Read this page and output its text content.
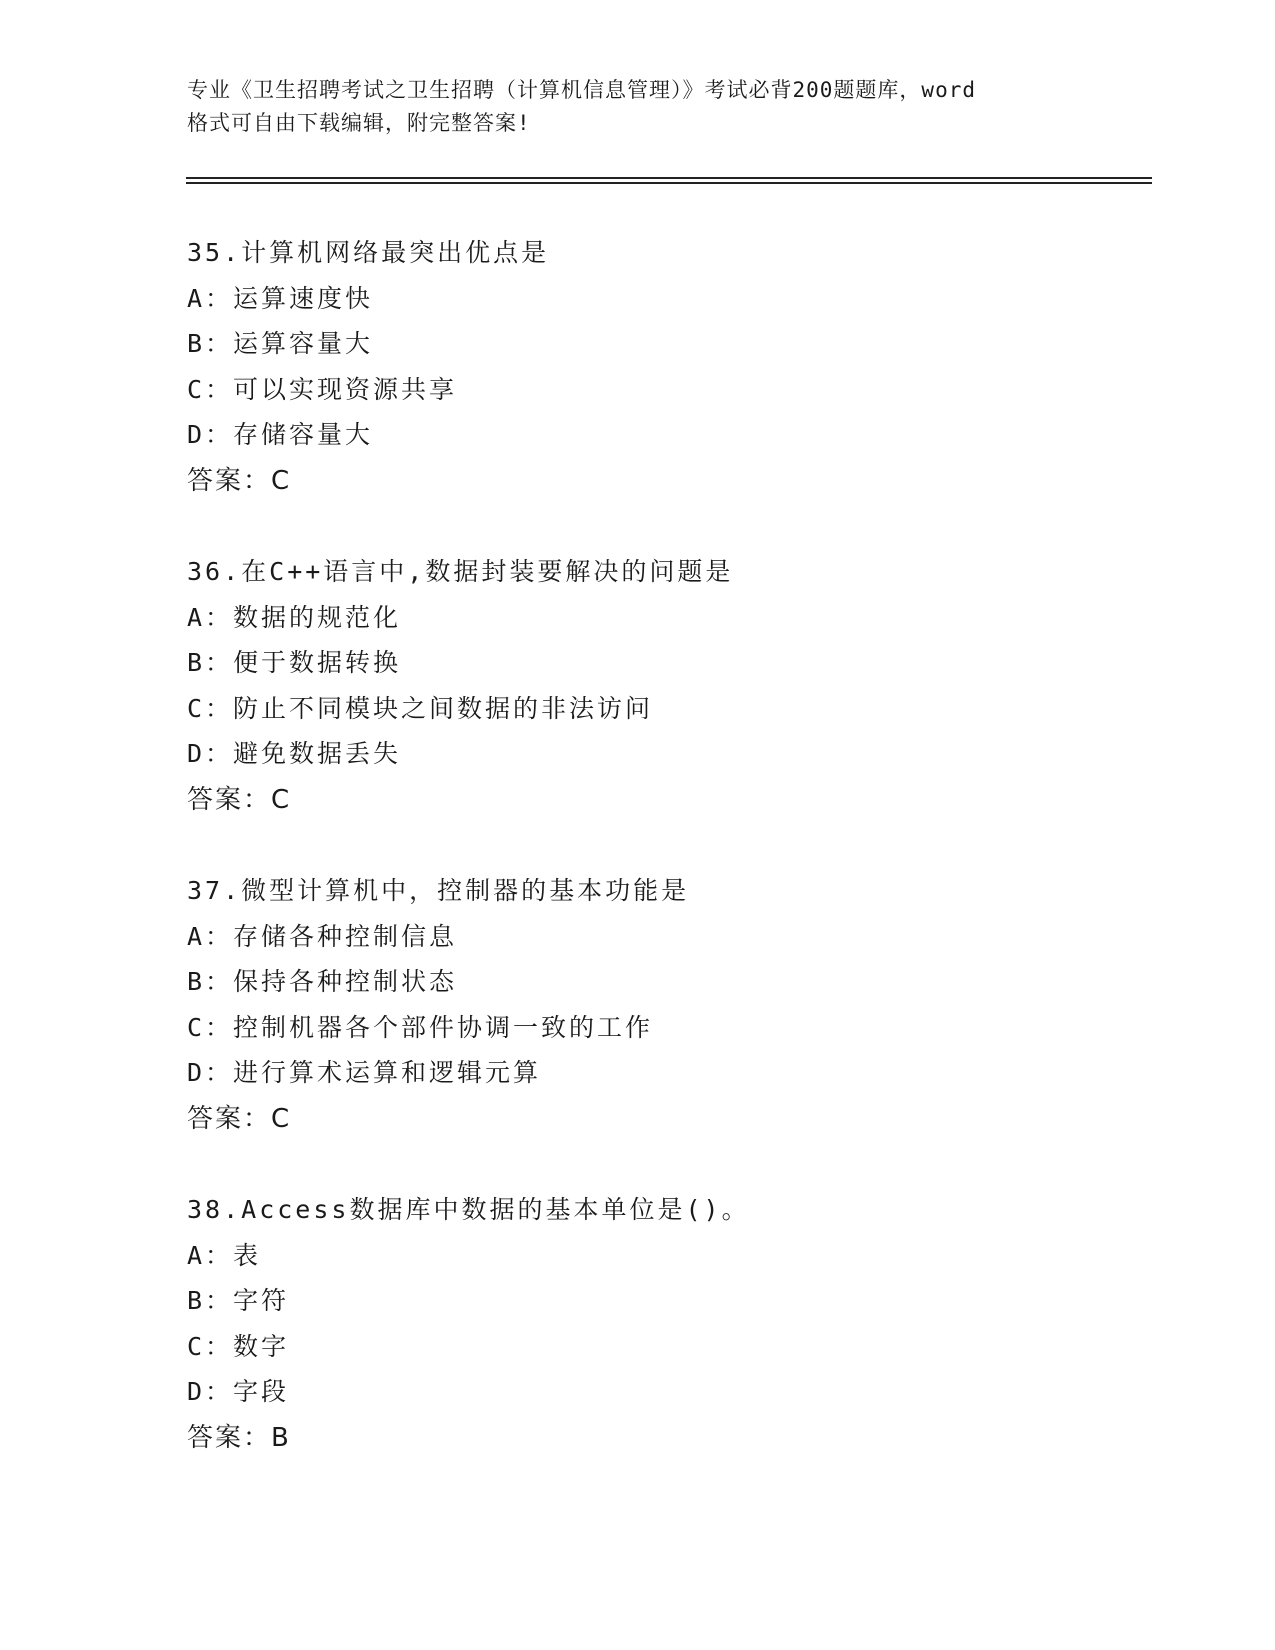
专业《卫生招聘考试之卫生招聘（计算机信息管理）》考试必背200题题库，word
格式可自由下载编辑，附完整答案!
35.计算机网络最突出优点是
A：运算速度快
B：运算容量大
C：可以实现资源共享
D：存储容量大
答案：C
36.在C++语言中,数据封装要解决的问题是
A：数据的规范化
B：便于数据转换
C：防止不同模块之间数据的非法访问
D：避免数据丢失
答案：C
37.微型计算机中，控制器的基本功能是
A：存储各种控制信息
B：保持各种控制状态
C：控制机器各个部件协调一致的工作
D：进行算术运算和逻辑元算
答案：C
38.Access数据库中数据的基本单位是()。
A：表
B：字符
C：数字
D：字段
答案：B
